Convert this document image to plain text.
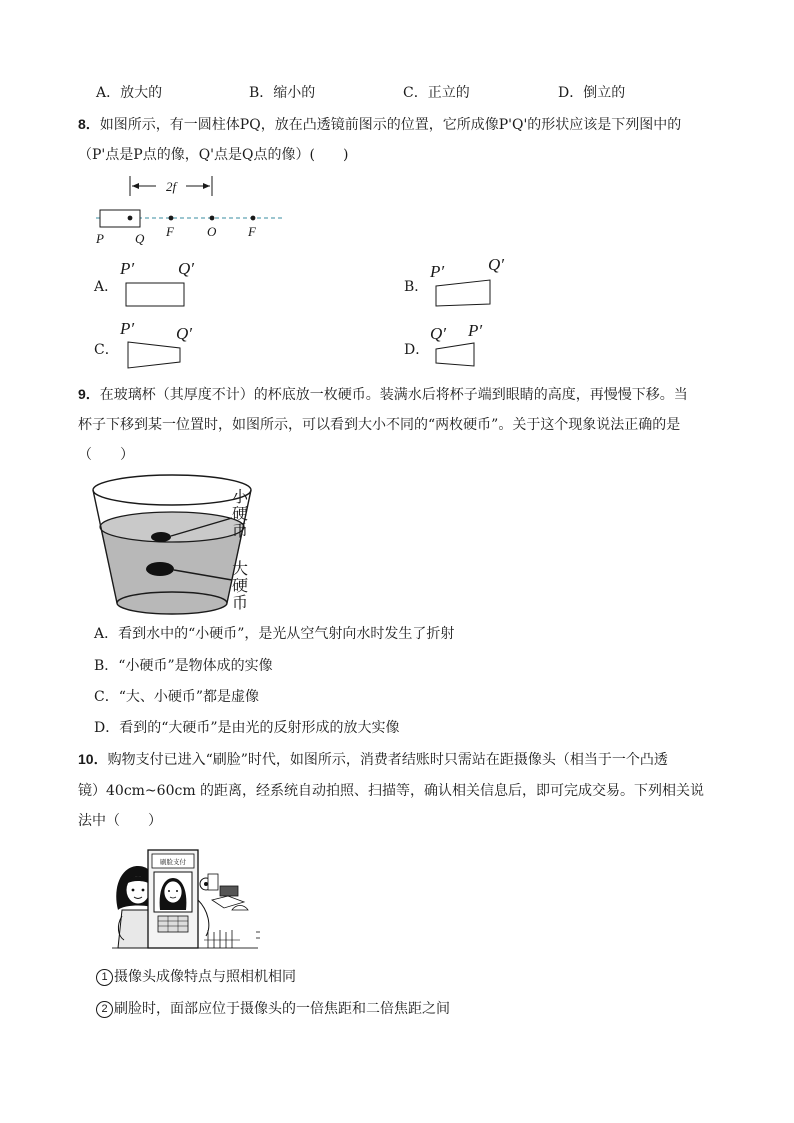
A．放大的	B．缩小的	C．正立的	D．倒立的
8．如图所示，有一圆柱体PQ，放在凸透镜前图示的位置，它所成像P'Q'的形状应该是下列图中的
（P'点是P点的像，Q'点是Q点的像）(　　)
2f
P Q F	O F
A．
P′	Q′
B．
P′	Q′
C．
P′ Q′
D．
Q′ P′
9．在玻璃杯（其厚度不计）的杯底放一枚硬币。装满水后将杯子端到眼睛的高度，再慢慢下移。当
杯子下移到某一位置时，如图所示，可以看到大小不同的“两枚硬币”。关于这个现象说法正确的是
（　　）
小
硬
币
大
硬
币
A．看到水中的“小硬币”，是光从空气射向水时发生了折射
B．“小硬币”是物体成的实像
C．“大、小硬币”都是虚像
D．看到的“大硬币”是由光的反射形成的放大实像
10．购物支付已进入“刷脸”时代，如图所示，消费者结账时只需站在距摄像头（相当于一个凸透
镜）40cm~60cm 的距离，经系统自动拍照、扫描等，确认相关信息后，即可完成交易。下列相关说
法中（　　）
刷脸支付
1 摄像头成像特点与照相机相同
2 刷脸时，面部应位于摄像头的一倍焦距和二倍焦距之间
